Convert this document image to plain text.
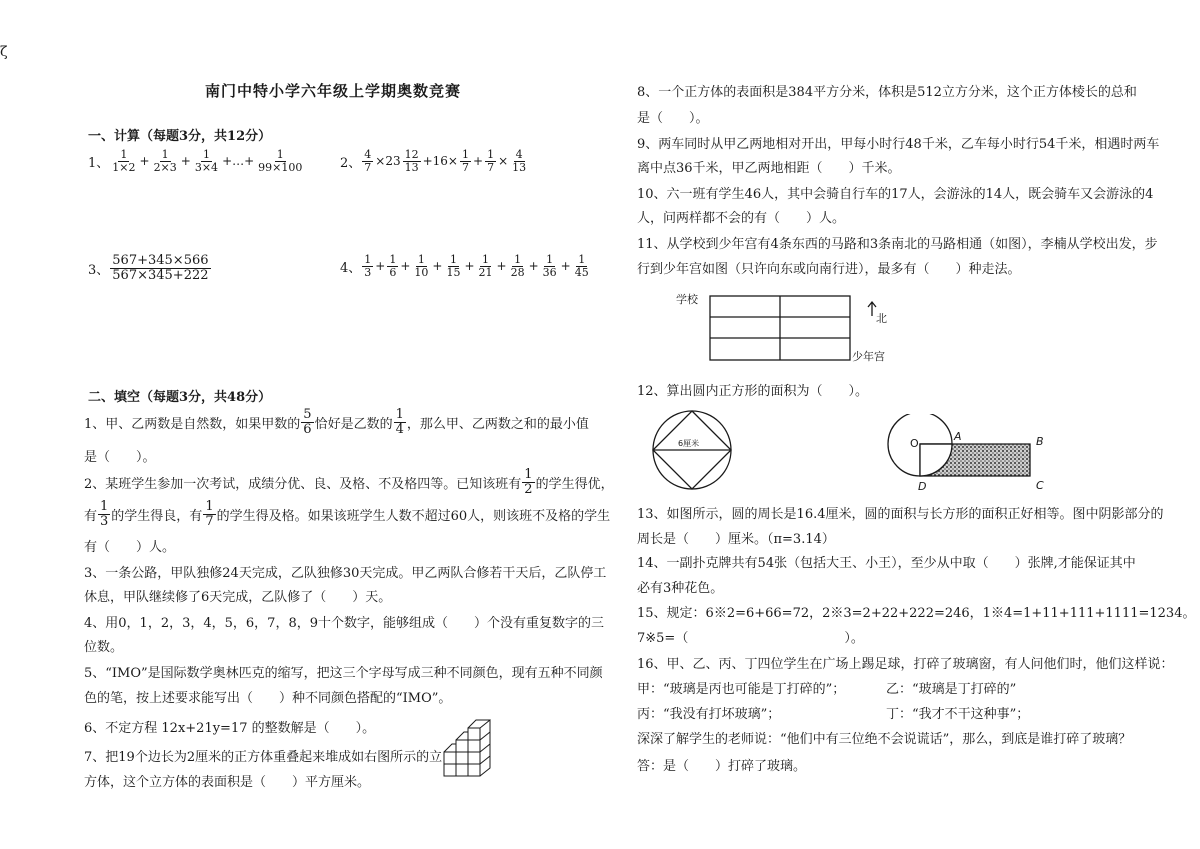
ζ
南门中特小学六年级上学期奥数竞赛
一、计算（每题3分，共12分）
1、 $\frac{1}{1\times 2} + \frac{1}{2\times 3} + \frac{1}{3\times 4}$ +…+ $\frac{1}{99\times 100}$	2、 $\frac{4}{7} \times 23 \frac{12}{13} +16\times \frac{1}{7} + \frac{1}{7} \times \frac{4}{13}$
3、 $\frac{567+345\times 566}{567\times 345+222}$	4、 $\frac{1}{3} + \frac{1}{6} + \frac{1}{10} + \frac{1}{15} + \frac{1}{21} + \frac{1}{28} + \frac{1}{36} + \frac{1}{45}$
二、填空（每题3分，共48分）
1、甲、乙两数是自然数，如果甲数的 $\frac{5}{6}$ 恰好是乙数的 $\frac{1}{4}$ ，那么甲、乙两数之和的最小值
是（　　）。
2、某班学生参加一次考试，成绩分优、良、及格、不及格四等。已知该班有 $\frac{1}{2}$ 的学生得优，
有 $\frac{1}{3}$ 的学生得良，有 $\frac{1}{7}$ 的学生得及格。如果该班学生人数不超过60人，则该班不及格的学生
有（　　）人。
3、一条公路，甲队独修24天完成，乙队独修30天完成。甲乙两队合修若干天后，乙队停工
休息，甲队继续修了6天完成，乙队修了（　　）天。
4、用0，1，2，3，4，5，6，7，8，9十个数字，能够组成（　　）个没有重复数字的三
位数。
5、“IMO”是国际数学奥林匹克的缩写，把这三个字母写成三种不同颜色，现有五种不同颜
色的笔，按上述要求能写出（　　）种不同颜色搭配的“IMO”。
6、不定方程 12x+21y=17 的整数解是（　　）。
7、把19个边长为2厘米的正方体重叠起来堆成如右图所示的立
方体，这个立方体的表面积是（　　）平方厘米。
8、一个正方体的表面积是384平方分米，体积是512立方分米，这个正方体棱长的总和
是（　　）。
9、两车同时从甲乙两地相对开出，甲每小时行48千米，乙车每小时行54千米，相遇时两车
离中点36千米，甲乙两地相距（　　）千米。
10、六一班有学生46人，其中会骑自行车的17人，会游泳的14人，既会骑车又会游泳的4
人，问两样都不会的有（　　）人。
11、从学校到少年宫有4条东西的马路和3条南北的马路相通（如图），李楠从学校出发，步
行到少年宫如图（只许向东或向南行进），最多有（　　）种走法。
学校
北
少年宫
12、算出圆内正方形的面积为（　　）。
6厘米	O
A	B
C
D
13、如图所示，圆的周长是16.4厘米，圆的面积与长方形的面积正好相等。图中阴影部分的
周长是（　　）厘米。（π=3.14）
14、一副扑克牌共有54张（包括大王、小王），至少从中取（　　）张牌,才能保证其中
必有3种花色。
15、规定：6※2=6+66=72，2※3=2+22+222=246，1※4=1+11+111+1111=1234。
7※5=（　　　　　　　　　　　　）。
16、甲、乙、丙、丁四位学生在广场上踢足球，打碎了玻璃窗，有人问他们时，他们这样说：
甲：“玻璃是丙也可能是丁打碎的”；	乙：“玻璃是丁打碎的”
丙：“我没有打坏玻璃”；	丁：“我才不干这种事”；
深深了解学生的老师说：“他们中有三位绝不会说谎话”，那么，到底是谁打碎了玻璃？
答：是（　　）打碎了玻璃。
